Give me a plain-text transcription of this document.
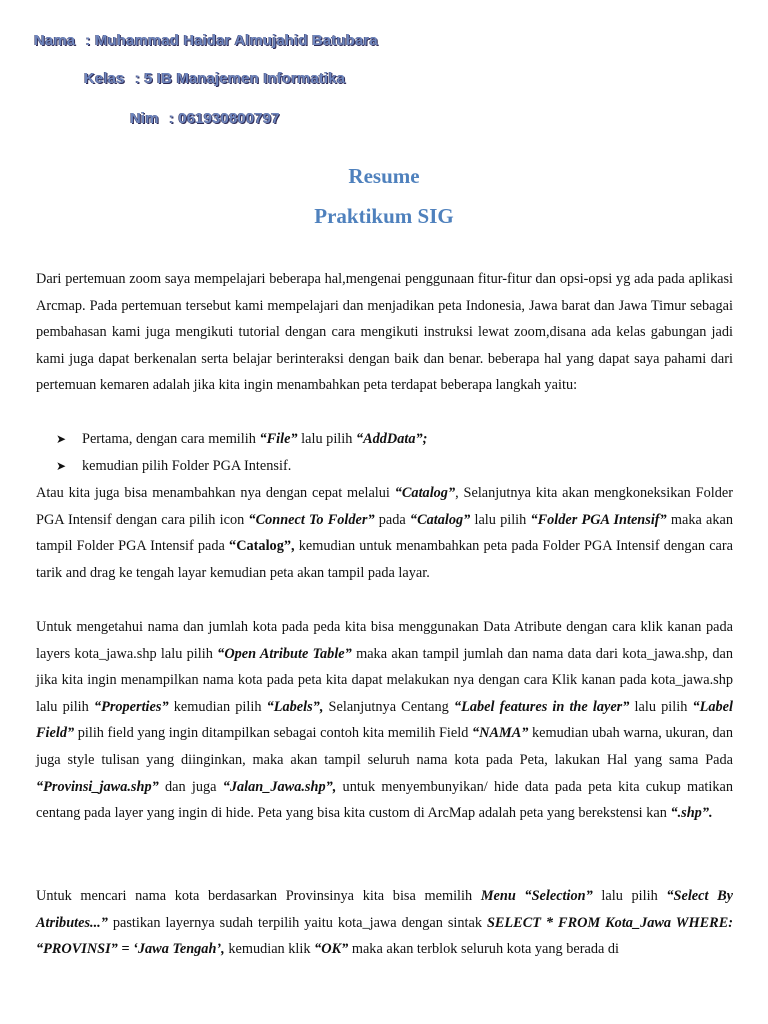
Nama : Muhammad Haidar Almujahid Batubara
Kelas : 5 IB Manajemen Informatika
Nim : 061930800797
Resume
Praktikum SIG

Dari pertemuan zoom saya mempelajari beberapa hal,mengenai penggunaan fitur-fitur dan opsi-opsi yg ada pada aplikasi Arcmap. Pada pertemuan tersebut kami mempelajari dan menjadikan peta Indonesia, Jawa barat dan Jawa Timur sebagai pembahasan kami juga mengikuti tutorial dengan cara mengikuti instruksi lewat zoom,disana ada kelas gabungan jadi kami juga dapat berkenalan serta belajar berinteraksi dengan baik dan benar. beberapa hal yang dapat saya pahami dari pertemuan kemaren adalah jika kita ingin menambahkan peta terdapat beberapa langkah yaitu:

➤ Pertama, dengan cara memilih “File” lalu pilih “AddData”;
➤ kemudian pilih Folder PGA Intensif.

Atau kita juga bisa menambahkan nya dengan cepat melalui “Catalog”, Selanjutnya kita akan mengkoneksikan Folder PGA Intensif dengan cara pilih icon “Connect To Folder” pada “Catalog” lalu pilih “Folder PGA Intensif” maka akan tampil Folder PGA Intensif pada “Catalog”, kemudian untuk menambahkan peta pada Folder PGA Intensif dengan cara tarik and drag ke tengah layar kemudian peta akan tampil pada layar.

Untuk mengetahui nama dan jumlah kota pada peda kita bisa menggunakan Data Atribute dengan cara klik kanan pada layers kota_jawa.shp lalu pilih “Open Atribute Table” maka akan tampil jumlah dan nama data dari kota_jawa.shp, dan jika kita ingin menampilkan nama kota pada peta kita dapat melakukan nya dengan cara Klik kanan pada kota_jawa.shp lalu pilih “Properties” kemudian pilih “Labels”, Selanjutnya Centang “Label features in the layer” lalu pilih “Label Field” pilih field yang ingin ditampilkan sebagai contoh kita memilih Field “NAMA” kemudian ubah warna, ukuran, dan juga style tulisan yang diinginkan, maka akan tampil seluruh nama kota pada Peta, lakukan Hal yang sama Pada “Provinsi_jawa.shp” dan juga “Jalan_Jawa.shp”, untuk menyembunyikan/ hide data pada peta kita cukup matikan centang pada layer yang ingin di hide. Peta yang bisa kita custom di ArcMap adalah peta yang berekstensi kan “.shp”.

Untuk mencari nama kota berdasarkan Provinsinya kita bisa memilih Menu “Selection” lalu pilih “Select By Atributes...” pastikan layernya sudah terpilih yaitu kota_jawa dengan sintak SELECT * FROM Kota_Jawa WHERE: “PROVINSI” = ‘Jawa Tengah’, kemudian klik “OK” maka akan terblok seluruh kota yang berada di
